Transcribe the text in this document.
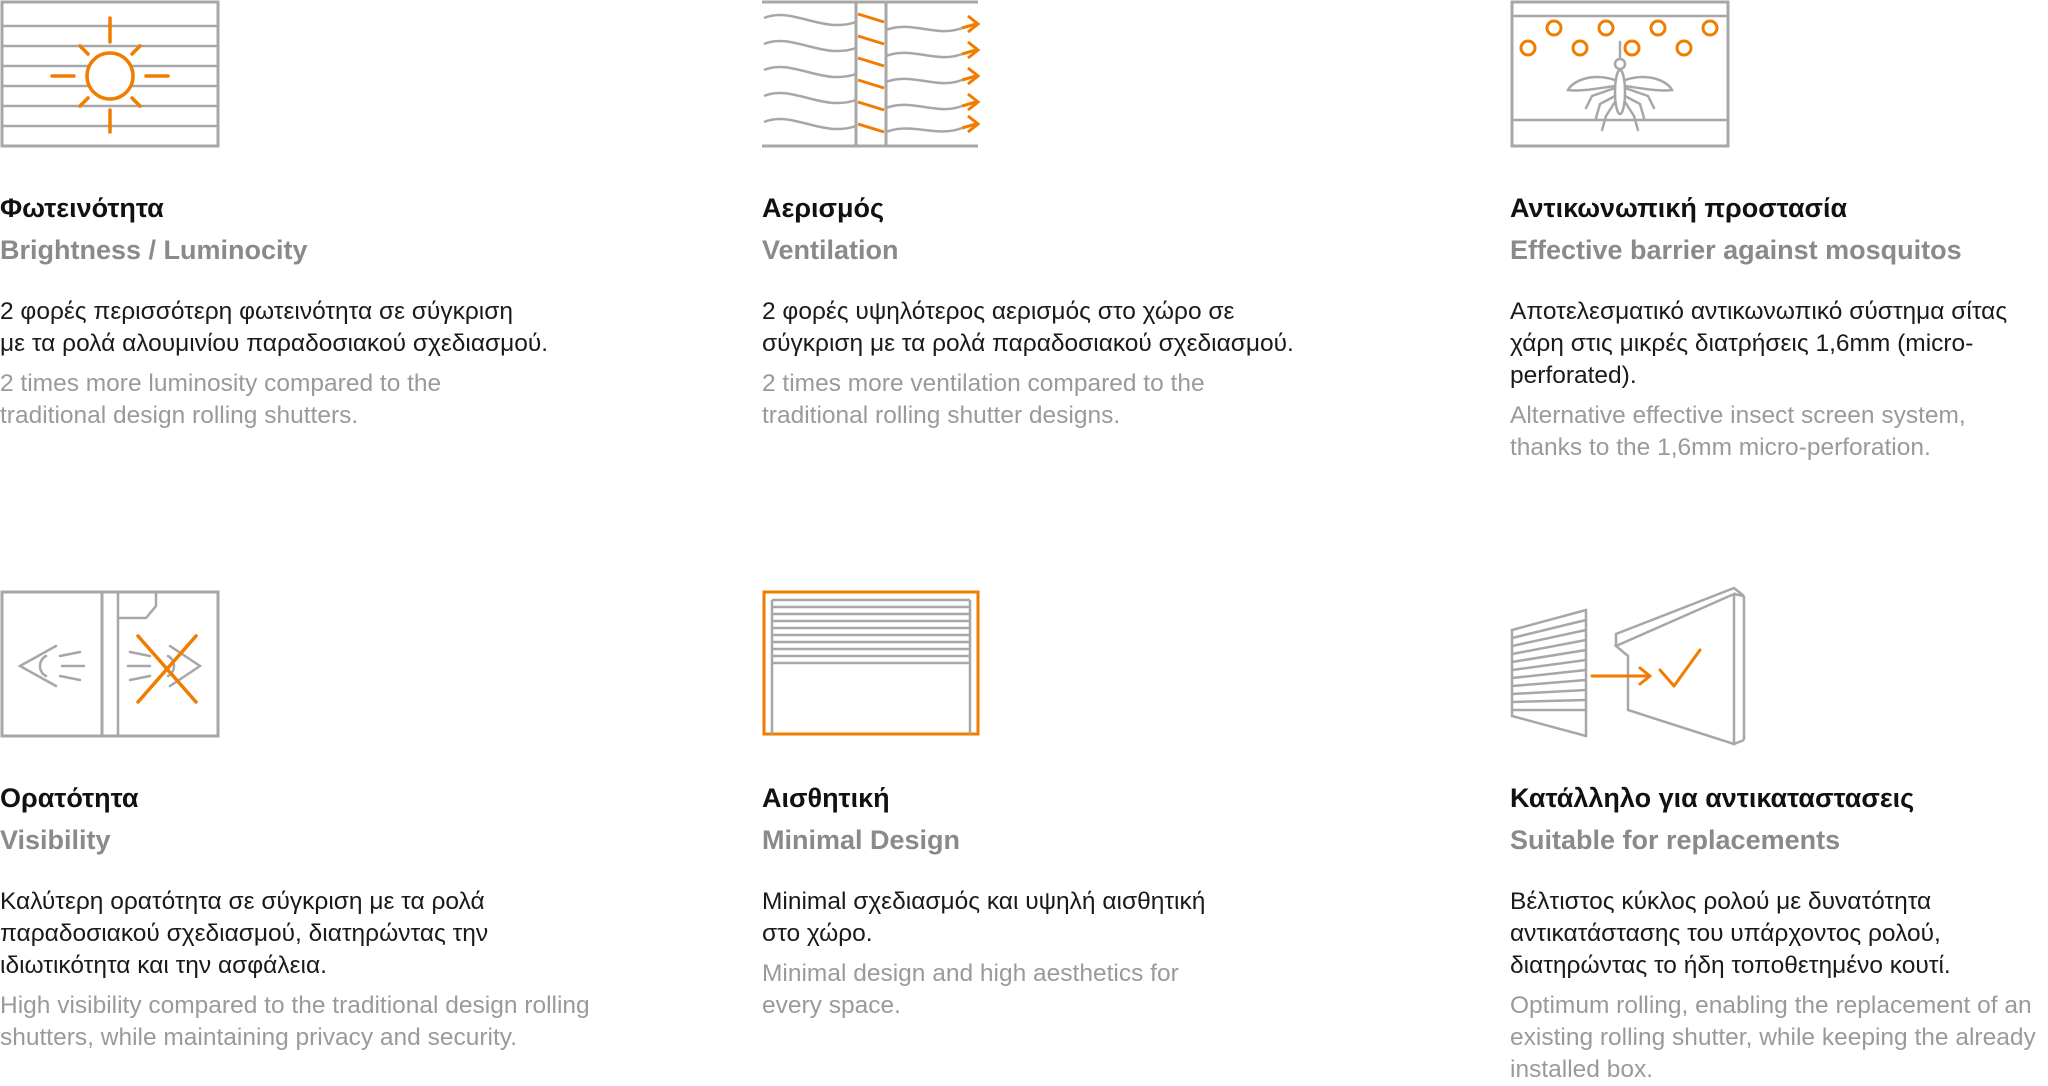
Φωτεινότητα
Brightness / Luminocity
2 φορές περισσότερη φωτεινότητα σε σύγκριση
με τα ρολά αλουμινίου παραδοσιακού σχεδιασμού.
2 times more luminosity compared to the
traditional design rolling shutters.
Αερισμός
Ventilation
2 φορές υψηλότερος αερισμός στο χώρο σε
σύγκριση με τα ρολά παραδοσιακού σχεδιασμού.
2 times more ventilation compared to the
traditional rolling shutter designs.
Αντικωνωπική προστασία
Effective barrier against mosquitos
Αποτελεσματικό αντικωνωπικό σύστημα σίτας
χάρη στις μικρές διατρήσεις 1,6mm (micro-
perforated).
Alternative effective insect screen system,
thanks to the 1,6mm micro-perforation.
Ορατότητα
Visibility
Καλύτερη ορατότητα σε σύγκριση με τα ρολά
παραδοσιακού σχεδιασμού, διατηρώντας την
ιδιωτικότητα και την ασφάλεια.
High visibility compared to the traditional design rolling
shutters, while maintaining privacy and security.
Αισθητική
Minimal Design
Minimal σχεδιασμός και υψηλή αισθητική
στο χώρο.
Minimal design and high aesthetics for
every space.
Κατάλληλο για αντικαταστασεις
Suitable for replacements
Βέλτιστος κύκλος ρολού με δυνατότητα
αντικατάστασης του υπάρχοντος ρολού,
διατηρώντας το ήδη τοποθετημένο κουτί.
Optimum rolling, enabling the replacement of an
existing rolling shutter, while keeping the already
installed box.
